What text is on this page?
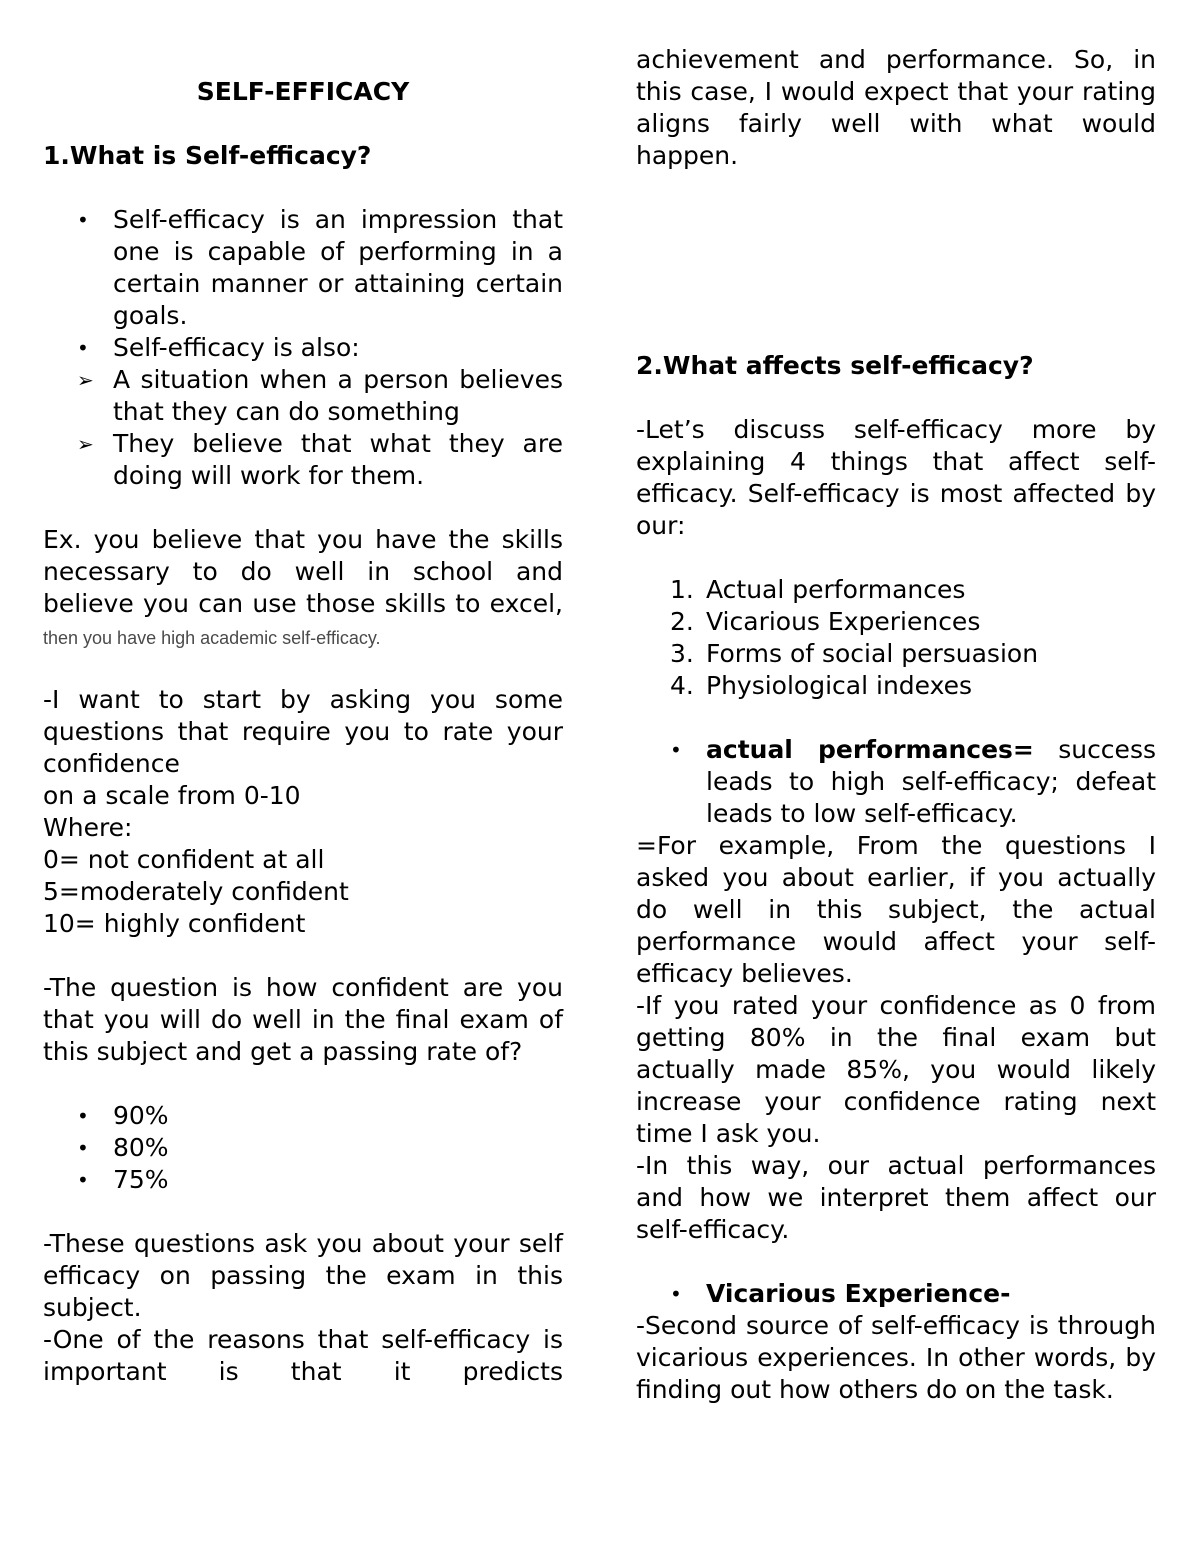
SELF-EFFICACY

1.What is Self-efficacy?

• Self-efficacy is an impression that one is capable of performing in a certain manner or attaining certain goals.
• Self-efficacy is also:
➢ A situation when a person believes that they can do something
➢ They believe that what they are doing will work for them.

Ex. you believe that you have the skills necessary to do well in school and believe you can use those skills to excel, then you have high academic self-efficacy.

-I want to start by asking you some questions that require you to rate your confidence

on a scale from 0-10

Where:

0= not confident at all

5=moderately confident

10= highly confident

-The question is how confident are you that you will do well in the final exam of this subject and get a passing rate of?

• 90%
• 80%
• 75%

-These questions ask you about your self efficacy on passing the exam in this subject.

-One of the reasons that self-efficacy is important is that it predicts

achievement and performance. So, in this case, I would expect that your rating aligns fairly well with what would happen.

2.What affects self-efficacy?

-Let’s discuss self-efficacy more by explaining 4 things that affect self-efficacy. Self-efficacy is most affected by our:

1. Actual performances
2. Vicarious Experiences
3. Forms of social persuasion
4. Physiological indexes
• actual performances= success leads to high self-efficacy; defeat leads to low self-efficacy.

=For example, From the questions I asked you about earlier, if you actually do well in this subject, the actual performance would affect your self-efficacy believes.

-If you rated your confidence as 0 from getting 80% in the final exam but actually made 85%, you would likely increase your confidence rating next time I ask you.

-In this way, our actual performances and how we interpret them affect our self-efficacy.

• Vicarious Experience-

-Second source of self-efficacy is through vicarious experiences. In other words, by finding out how others do on the task.
